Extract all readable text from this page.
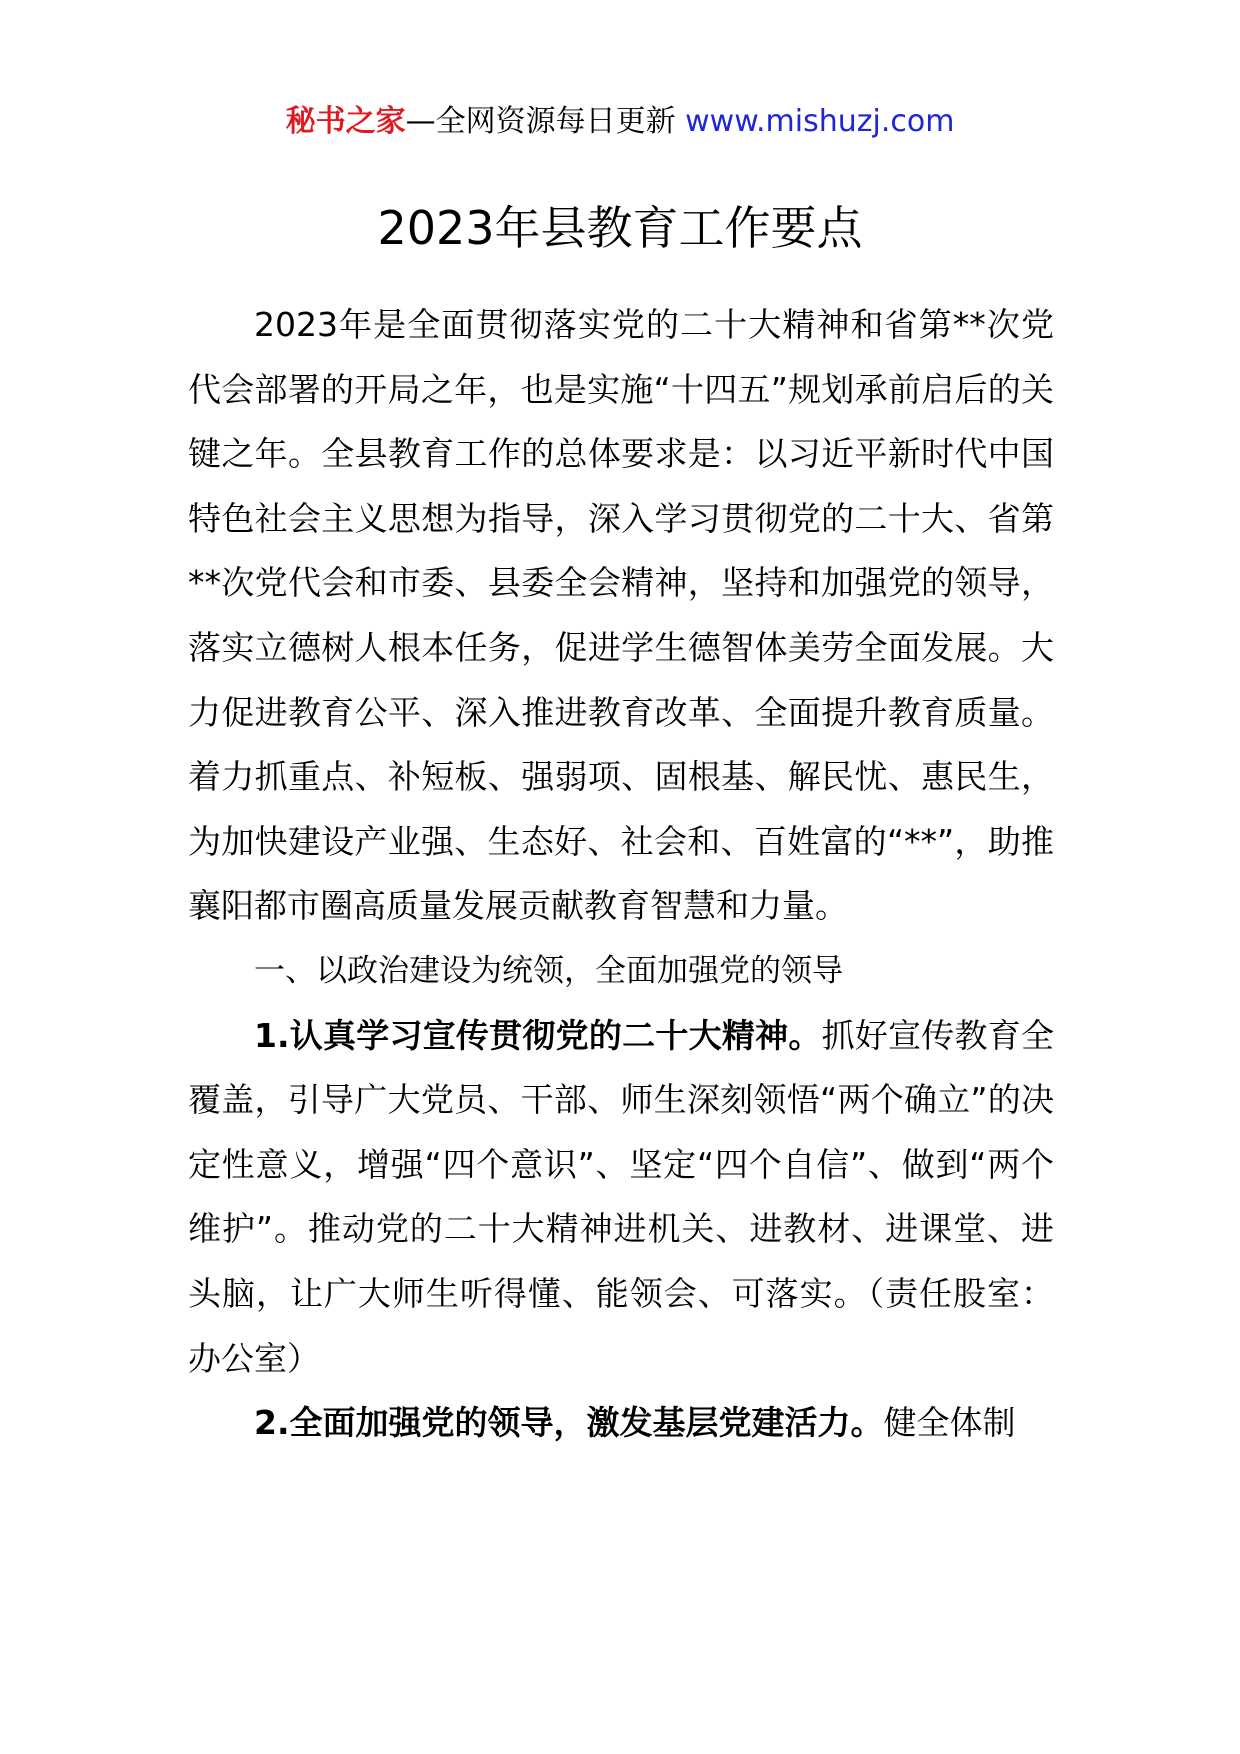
秘书之家—全网资源每日更新 www.mishuzj.com
2023年县教育工作要点

2023年是全面贯彻落实党的二十大精神和省第**次党代会部署的开局之年，也是实施“十四五”规划承前启后的关键之年。全县教育工作的总体要求是：以习近平新时代中国特色社会主义思想为指导，深入学习贯彻党的二十大、省第**次党代会和市委、县委全会精神，坚持和加强党的领导，落实立德树人根本任务，促进学生德智体美劳全面发展。大力促进教育公平、深入推进教育改革、全面提升教育质量。着力抓重点、补短板、强弱项、固根基、解民忧、惠民生，为加快建设产业强、生态好、社会和、百姓富的“**”，助推襄阳都市圈高质量发展贡献教育智慧和力量。

一、以政治建设为统领，全面加强党的领导

1.认真学习宣传贯彻党的二十大精神。抓好宣传教育全覆盖，引导广大党员、干部、师生深刻领悟“两个确立”的决定性意义，增强“四个意识”、坚定“四个自信”、做到“两个维护”。推动党的二十大精神进机关、进教材、进课堂、进头脑，让广大师生听得懂、能领会、可落实。（责任股室：办公室）

2.全面加强党的领导，激发基层党建活力。健全体制
